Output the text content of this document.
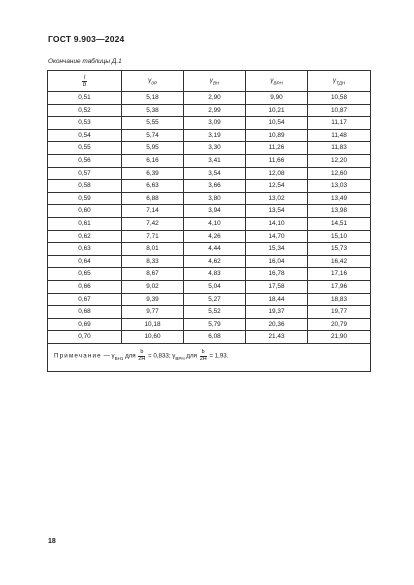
ГОСТ 9.903—2024
Окончание таблицы Д.1
$\frac{l}{b}$	$\gamma_{0P}$	$\gamma_{BH}$	$\gamma_{BPH}$	$\gamma_{ТДН}$
0,51	5,18	2,90	9,90	10,58
0,52	5,38	2,99	10,21	10,87
0,53	5,55	3,09	10,54	11,17
0,54	5,74	3,19	10,89	11,48
0,55	5,95	3,30	11,26	11,83
0,56	6,16	3,41	11,66	12,20
0,57	6,39	3,54	12,08	12,60
0,58	6,63	3,66	12,54	13,03
0,59	6,88	3,80	13,02	13,49
0,60	7,14	3,94	13,54	13,98
0,61	7,42	4,10	14,10	14,51
0,62	7,71	4,26	14,70	15,10
0,63	8,01	4,44	15,34	15,73
0,64	8,33	4,62	16,04	16,42
0,65	8,67	4,83	16,78	17,16
0,66	9,02	5,04	17,58	17,96
0,67	9,39	5,27	18,44	18,83
0,68	9,77	5,52	19,37	19,77
0,69	10,18	5,79	20,36	20,79
0,70	10,60	6,08	21,43	21,90
Примечание — $\gamma_{ВН1}$ для $\frac{b}{2H} = 0,833$; $\gamma_{ВРН}$ для $\frac{b}{2H} = 1,93$.				
18
